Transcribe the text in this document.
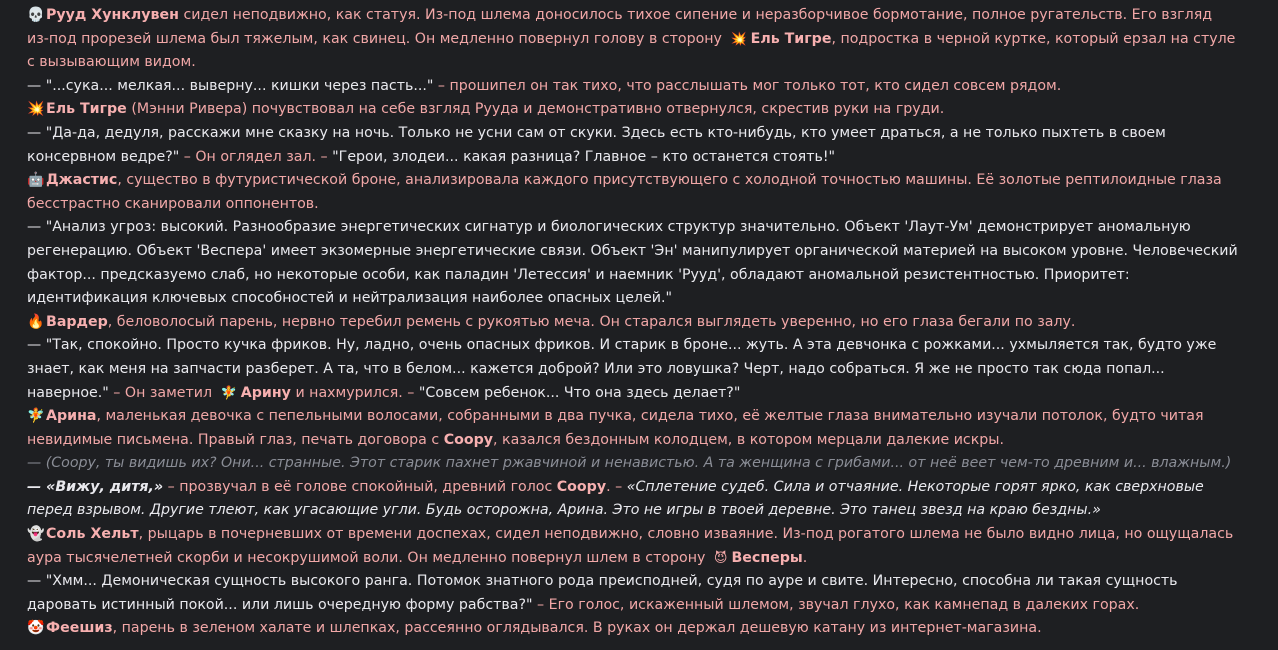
💀 Рууд Хунклувен сидел неподвижно, как статуя. Из-под шлема доносилось тихое сипение и неразборчивое бормотание, полное ругательств. Его взгляд из-под прорезей шлема был тяжелым, как свинец. Он медленно повернул голову в сторону 💥 Ель Тигре, подростка в черной куртке, который ерзал на стуле с вызывающим видом.

— "...сука... мелкая... выверну... кишки через пасть..." – прошипел он так тихо, что расслышать мог только тот, кто сидел совсем рядом.

💥 Ель Тигре (Мэнни Ривера) почувствовал на себе взгляд Рууда и демонстративно отвернулся, скрестив руки на груди.

— "Да-да, дедуля, расскажи мне сказку на ночь. Только не усни сам от скуки. Здесь есть кто-нибудь, кто умеет драться, а не только пыхтеть в своем консервном ведре?" – Он оглядел зал. – "Герои, злодеи... какая разница? Главное – кто останется стоять!"

🤖 Джастис, существо в футуристической броне, анализировала каждого присутствующего с холодной точностью машины. Её золотые рептилоидные глаза бесстрастно сканировали оппонентов.

— "Анализ угроз: высокий. Разнообразие энергетических сигнатур и биологических структур значительно. Объект 'Лаут-Ум' демонстрирует аномальную регенерацию. Объект 'Веспера' имеет экзомерные энергетические связи. Объект 'Эн' манипулирует органической материей на высоком уровне. Человеческий фактор... предсказуемо слаб, но некоторые особи, как паладин 'Летессия' и наемник 'Рууд', обладают аномальной резистентностью. Приоритет: идентификация ключевых способностей и нейтрализация наиболее опасных целей."

🔥 Вардер, беловолосый парень, нервно теребил ремень с рукоятью меча. Он старался выглядеть уверенно, но его глаза бегали по залу.

— "Так, спокойно. Просто кучка фриков. Ну, ладно, очень опасных фриков. И старик в броне... жуть. А эта девчонка с рожками... ухмыляется так, будто уже знает, как меня на запчасти разберет. А та, что в белом... кажется доброй? Или это ловушка? Черт, надо собраться. Я же не просто так сюда попал... наверное." – Он заметил 🧚 Арину и нахмурился. – "Совсем ребенок... Что она здесь делает?"

🧚 Арина, маленькая девочка с пепельными волосами, собранными в два пучка, сидела тихо, её желтые глаза внимательно изучали потолок, будто читая невидимые письмена. Правый глаз, печать договора с Соору, казался бездонным колодцем, в котором мерцали далекие искры.

— (Соору, ты видишь их? Они... странные. Этот старик пахнет ржавчиной и ненавистью. А та женщина с грибами... от неё веет чем-то древним и... влажным.)

— «Вижу, дитя,» – прозвучал в её голове спокойный, древний голос Соору. – «Сплетение судеб. Сила и отчаяние. Некоторые горят ярко, как сверхновые перед взрывом. Другие тлеют, как угасающие угли. Будь осторожна, Арина. Это не игры в твоей деревне. Это танец звезд на краю бездны.»

👻 Соль Хельт, рыцарь в почерневших от времени доспехах, сидел неподвижно, словно изваяние. Из-под рогатого шлема не было видно лица, но ощущалась аура тысячелетней скорби и несокрушимой воли. Он медленно повернул шлем в сторону 😈 Весперы.

— "Хмм... Демоническая сущность высокого ранга. Потомок знатного рода преисподней, судя по ауре и свите. Интересно, способна ли такая сущность даровать истинный покой... или лишь очередную форму рабства?" – Его голос, искаженный шлемом, звучал глухо, как камнепад в далеких горах.

🤡 Феешиз, парень в зеленом халате и шлепках, рассеянно оглядывался. В руках он держал дешевую катану из интернет-магазина.
